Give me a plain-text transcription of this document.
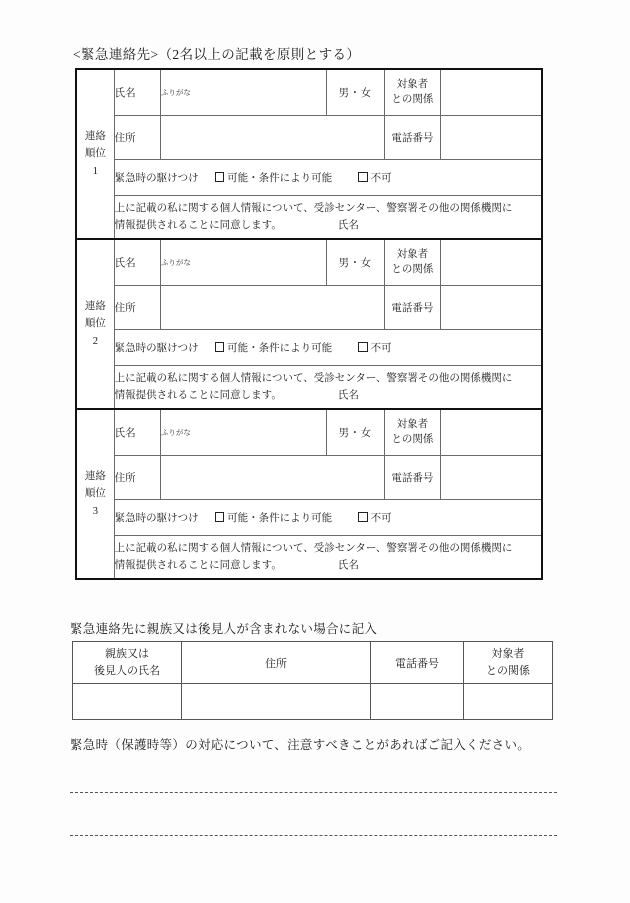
<緊急連絡先>（2名以上の記載を原則とする）
連絡
順位
1	氏名	ふりがな	男・女	対象者
との関係	

	住所			電話番号	
	緊急時の駆けつけ 可能・条件により可能 不可				
	上に記載の私に関する個人情報について、受診センター、警察署その他の関係機関に
情報提供されることに同意します。 氏名				

連絡
順位
2	氏名	ふりがな	男・女	対象者
との関係	

	住所			電話番号	
	緊急時の駆けつけ 可能・条件により可能 不可				
	上に記載の私に関する個人情報について、受診センター、警察署その他の関係機関に
情報提供されることに同意します。 氏名				

連絡
順位
3	氏名	ふりがな	男・女	対象者
との関係	

	住所			電話番号	
	緊急時の駆けつけ 可能・条件により可能 不可				
	上に記載の私に関する個人情報について、受診センター、警察署その他の関係機関に
情報提供されることに同意します。 氏名				
緊急連絡先に親族又は後見人が含まれない場合に記入
親族又は
後見人の氏名	住所	電話番号	対象者
との関係

緊急時（保護時等）の対応について、注意すべきことがあればご記入ください。
